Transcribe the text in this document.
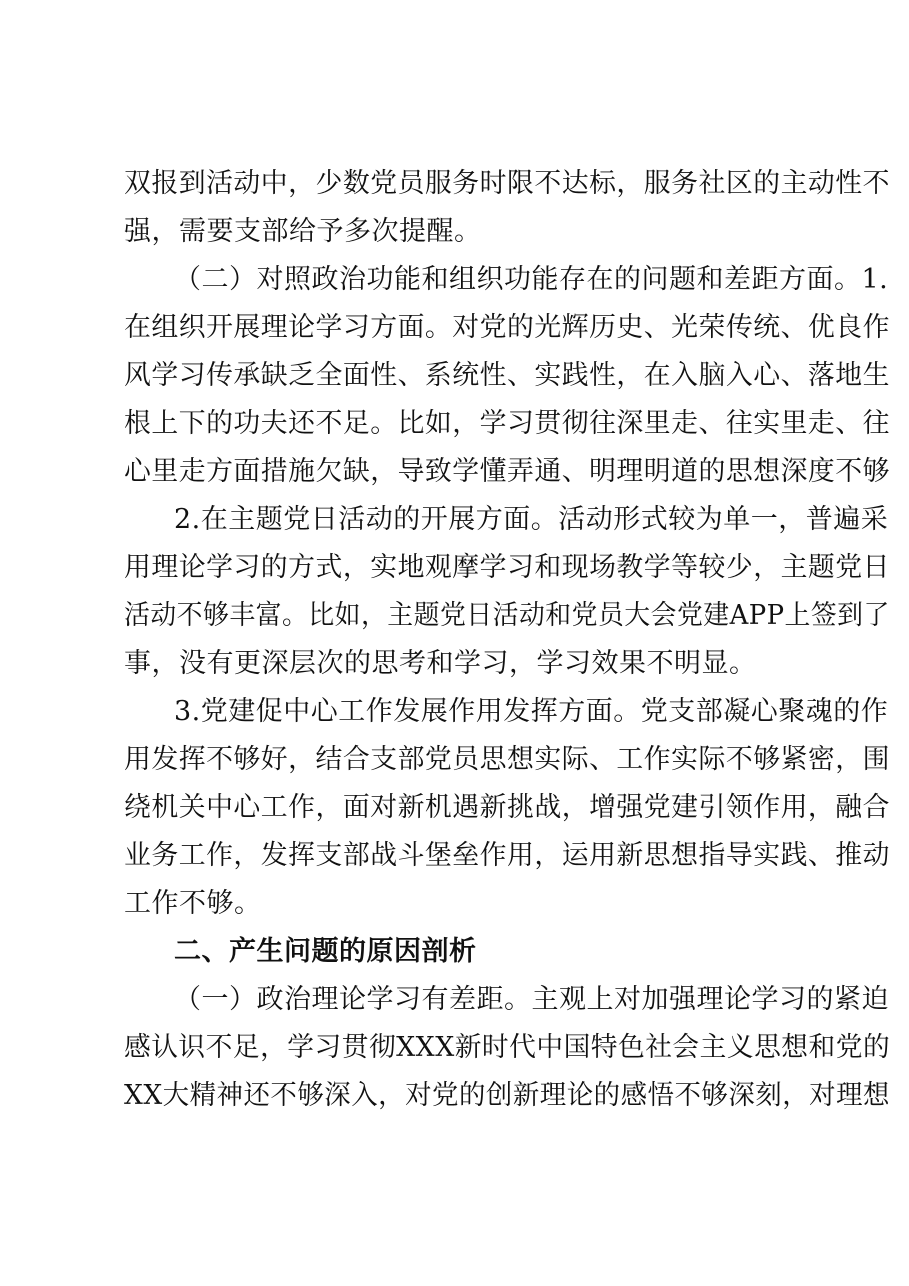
双报到活动中，少数党员服务时限不达标，服务社区的主动性不
强，需要支部给予多次提醒。
（二）对照政治功能和组织功能存在的问题和差距方面。1.
在组织开展理论学习方面。对党的光辉历史、光荣传统、优良作
风学习传承缺乏全面性、系统性、实践性，在入脑入心、落地生
根上下的功夫还不足。比如，学习贯彻往深里走、往实里走、往
心里走方面措施欠缺，导致学懂弄通、明理明道的思想深度不够
2.在主题党日活动的开展方面。活动形式较为单一，普遍采
用理论学习的方式，实地观摩学习和现场教学等较少，主题党日
活动不够丰富。比如，主题党日活动和党员大会党建APP上签到了
事，没有更深层次的思考和学习，学习效果不明显。
3.党建促中心工作发展作用发挥方面。党支部凝心聚魂的作
用发挥不够好，结合支部党员思想实际、工作实际不够紧密，围
绕机关中心工作，面对新机遇新挑战，增强党建引领作用，融合
业务工作，发挥支部战斗堡垒作用，运用新思想指导实践、推动
工作不够。
二、产生问题的原因剖析
（一）政治理论学习有差距。主观上对加强理论学习的紧迫
感认识不足，学习贯彻XXX新时代中国特色社会主义思想和党的
XX大精神还不够深入，对党的创新理论的感悟不够深刻，对理想
